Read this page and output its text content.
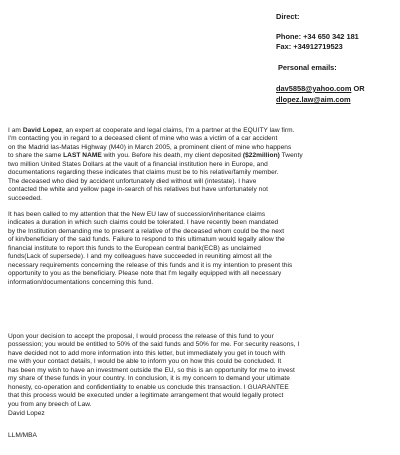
Direct:
Phone: +34 650 342 181
Fax: +34912719523
Personal emails:
dav5858@yahoo.com OR
dlopez.law@aim.com
I am David Lopez, an expert at cooperate and legal claims, I'm a partner at the EQUITY law firm.
I'm contacting you in regard to a deceased client of mine who was a victim of a car accident
on the Madrid las-Matas Highway (M40) in March 2005, a prominent client of mine who happens
to share the same LAST NAME with you. Before his death, my client deposited ($22million) Twenty
two million United States Dollars at the vault of a financial institution here in Europe, and
documentations regarding these indicates that claims must be to his relative/family member.
The deceased who died by accident unfortunately died without will (intestate). I have
contacted the white and yellow page in-search of his relatives but have unfortunately not
succeeded.
It has been called to my attention that the New EU law of succession/inheritance claims
indicates a duration in which such claims could be tolerated. I have recently been mandated
by the Institution demanding me to present a relative of the deceased whom could be the next
of kin/beneficiary of the said funds. Failure to respond to this ultimatum would legally allow the
financial institute to report this funds to the European central bank(ECB) as unclaimed
funds(Lack of supersede). I and my colleagues have succeeded in reuniting almost all the
necessary requirements concerning the release of this funds and it is my intention to present this
opportunity to you as the beneficiary. Please note that I'm legally equipped with all necessary
information/documentations concerning this fund.
Upon your decision to accept the proposal, I would process the release of this fund to your
possession; you would be entitled to 50% of the said funds and 50% for me. For security reasons, I
have decided not to add more information into this letter, but immediately you get in touch with
me with your contact details, I would be able to inform you on how this could be concluded. It
has been my wish to have an investment outside the EU, so this is an opportunity for me to invest
my share of these funds in your country. In conclusion, it is my concern to demand your ultimate
honesty, co-operation and confidentiality to enable us conclude this transaction. I GUARANTEE
that this process would be executed under a legitimate arrangement that would legally protect
you from any breech of Law.
David Lopez
LLM/MBA
